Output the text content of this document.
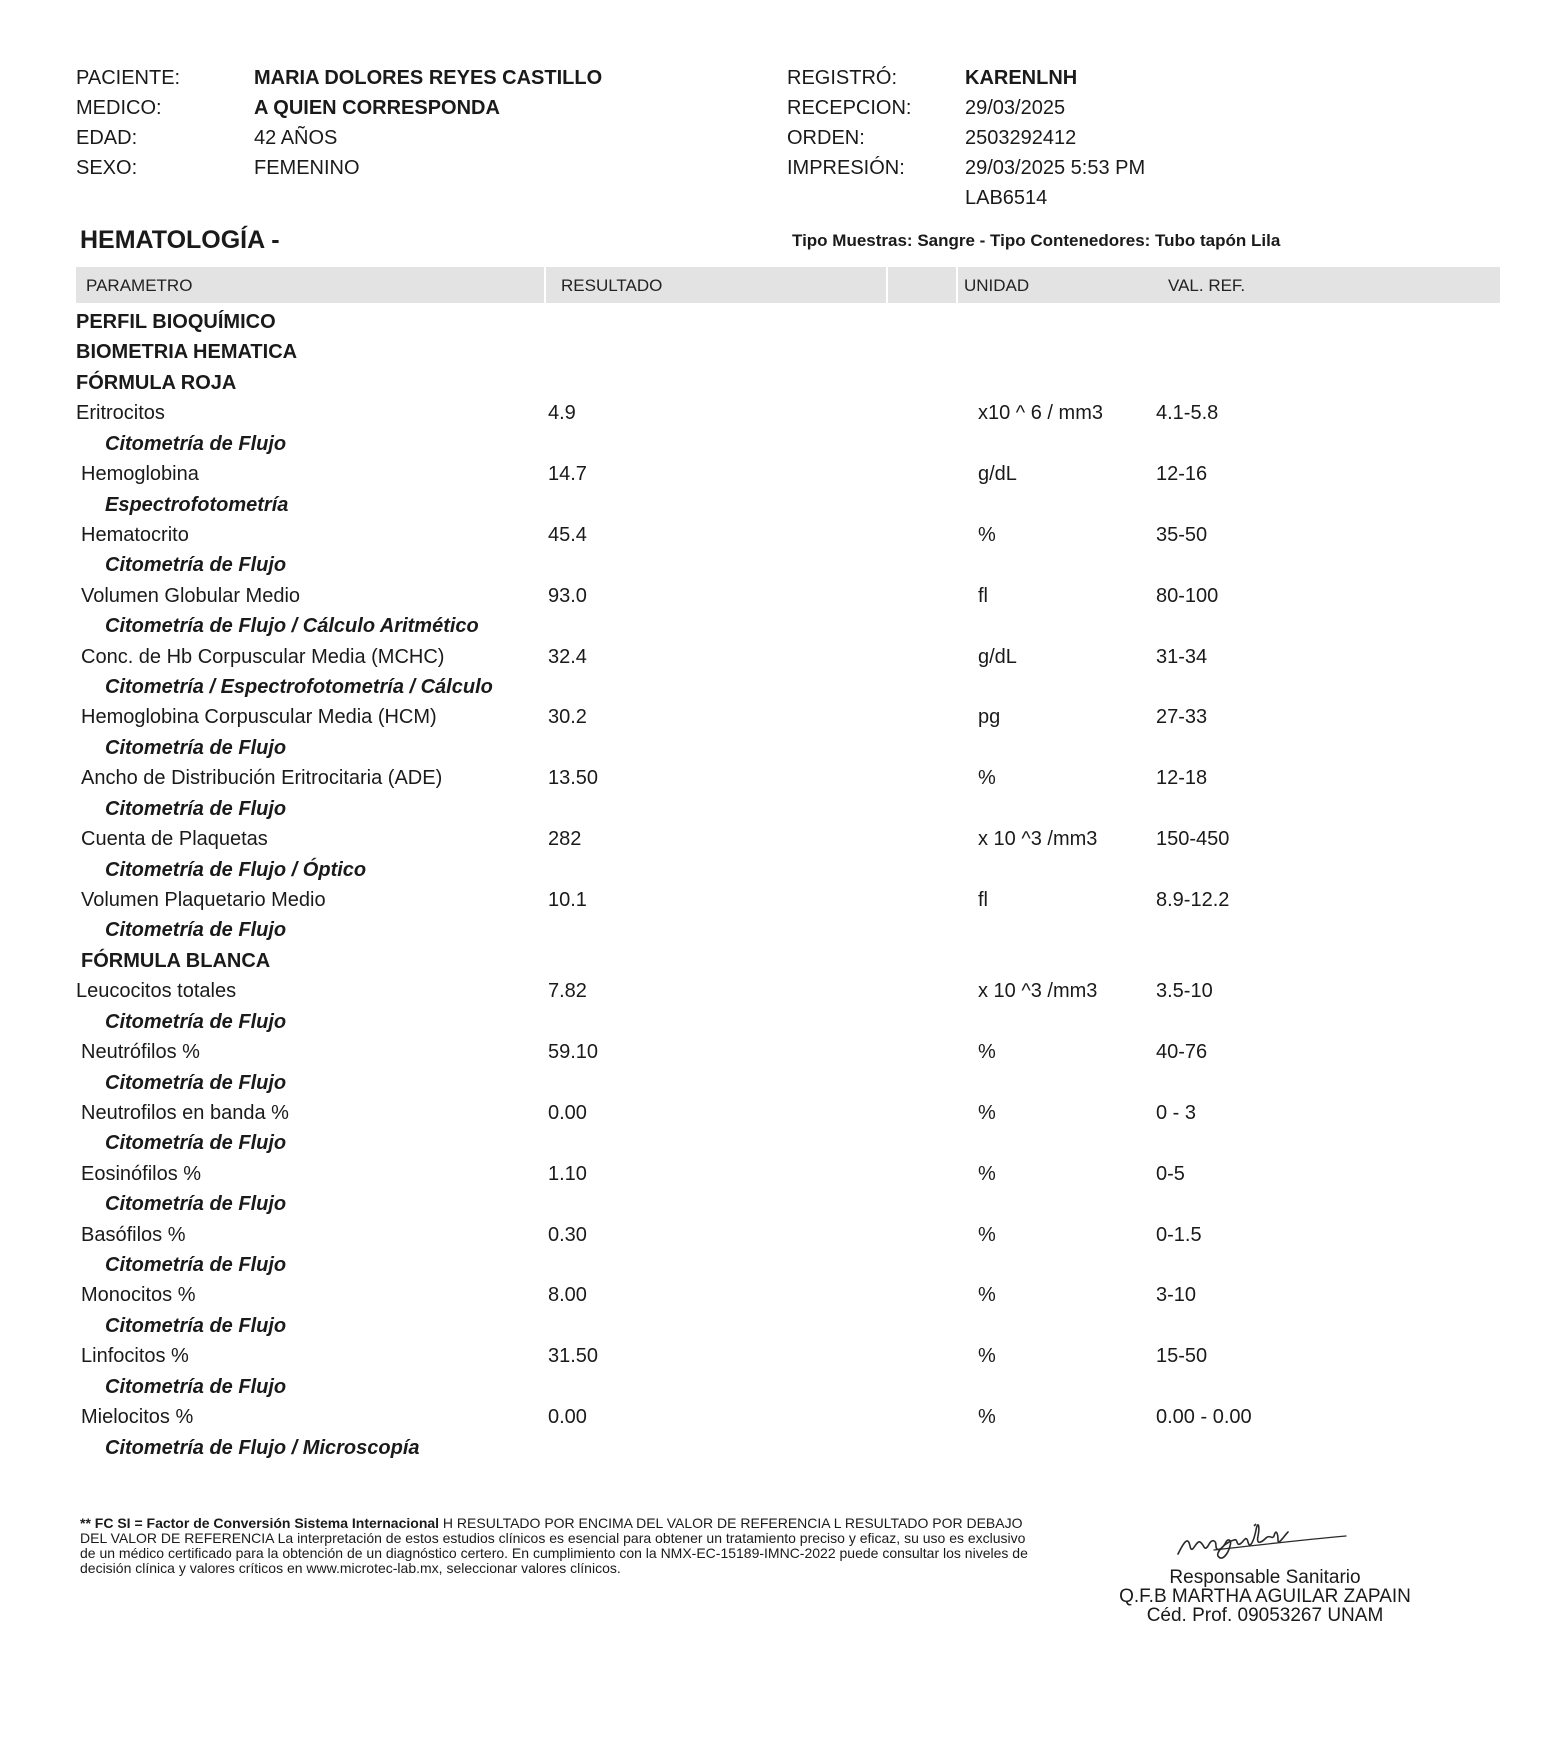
PACIENTE:	MARIA DOLORES REYES CASTILLO
MEDICO:	A QUIEN CORRESPONDA
EDAD:	42 AÑOS
SEXO:	FEMENINO
REGISTRÓ:	KARENLNH
RECEPCION:	29/03/2025
ORDEN:	2503292412
IMPRESIÓN:	29/03/2025 5:53 PM
LAB6514
HEMATOLOGÍA -	Tipo Muestras: Sangre - Tipo Contenedores: Tubo tapón Lila
PARAMETRO	RESULTADO	UNIDAD	VAL. REF.
PERFIL BIOQUÍMICO
BIOMETRIA HEMATICA
FÓRMULA ROJA
Eritrocitos	4.9	x10 ^ 6 / mm3	4.1-5.8
Citometría de Flujo
Hemoglobina	14.7	g/dL	12-16
Espectrofotometría
Hematocrito	45.4	%	35-50
Citometría de Flujo
Volumen Globular Medio	93.0	fl	80-100
Citometría de Flujo / Cálculo Aritmético
Conc. de Hb Corpuscular Media (MCHC)	32.4	g/dL	31-34
Citometría / Espectrofotometría / Cálculo
Hemoglobina Corpuscular Media (HCM)	30.2	pg	27-33
Citometría de Flujo
Ancho de Distribución Eritrocitaria (ADE)	13.50	%	12-18
Citometría de Flujo
Cuenta de Plaquetas	282	x 10 ^3 /mm3	150-450
Citometría de Flujo / Óptico
Volumen Plaquetario Medio	10.1	fl	8.9-12.2
Citometría de Flujo
FÓRMULA BLANCA
Leucocitos totales	7.82	x 10 ^3 /mm3	3.5-10
Citometría de Flujo
Neutrófilos %	59.10	%	40-76
Citometría de Flujo
Neutrofilos en banda %	0.00	%	0 - 3
Citometría de Flujo
Eosinófilos %	1.10	%	0-5
Citometría de Flujo
Basófilos %	0.30	%	0-1.5
Citometría de Flujo
Monocitos %	8.00	%	3-10
Citometría de Flujo
Linfocitos %	31.50	%	15-50
Citometría de Flujo
Mielocitos %	0.00	%	0.00 - 0.00
Citometría de Flujo / Microscopía
** FC SI = Factor de Conversión Sistema Internacional H RESULTADO POR ENCIMA DEL VALOR DE REFERENCIA L RESULTADO POR DEBAJO DEL VALOR DE REFERENCIA La interpretación de estos estudios clínicos es esencial para obtener un tratamiento preciso y eficaz, su uso es exclusivo de un médico certificado para la obtención de un diagnóstico certero. En cumplimiento con la NMX-EC-15189-IMNC-2022 puede consultar los niveles de decisión clínica y valores críticos en www.microtec-lab.mx, seleccionar valores clínicos.	Responsable Sanitario
Q.F.B MARTHA AGUILAR ZAPAIN
Céd. Prof. 09053267 UNAM
